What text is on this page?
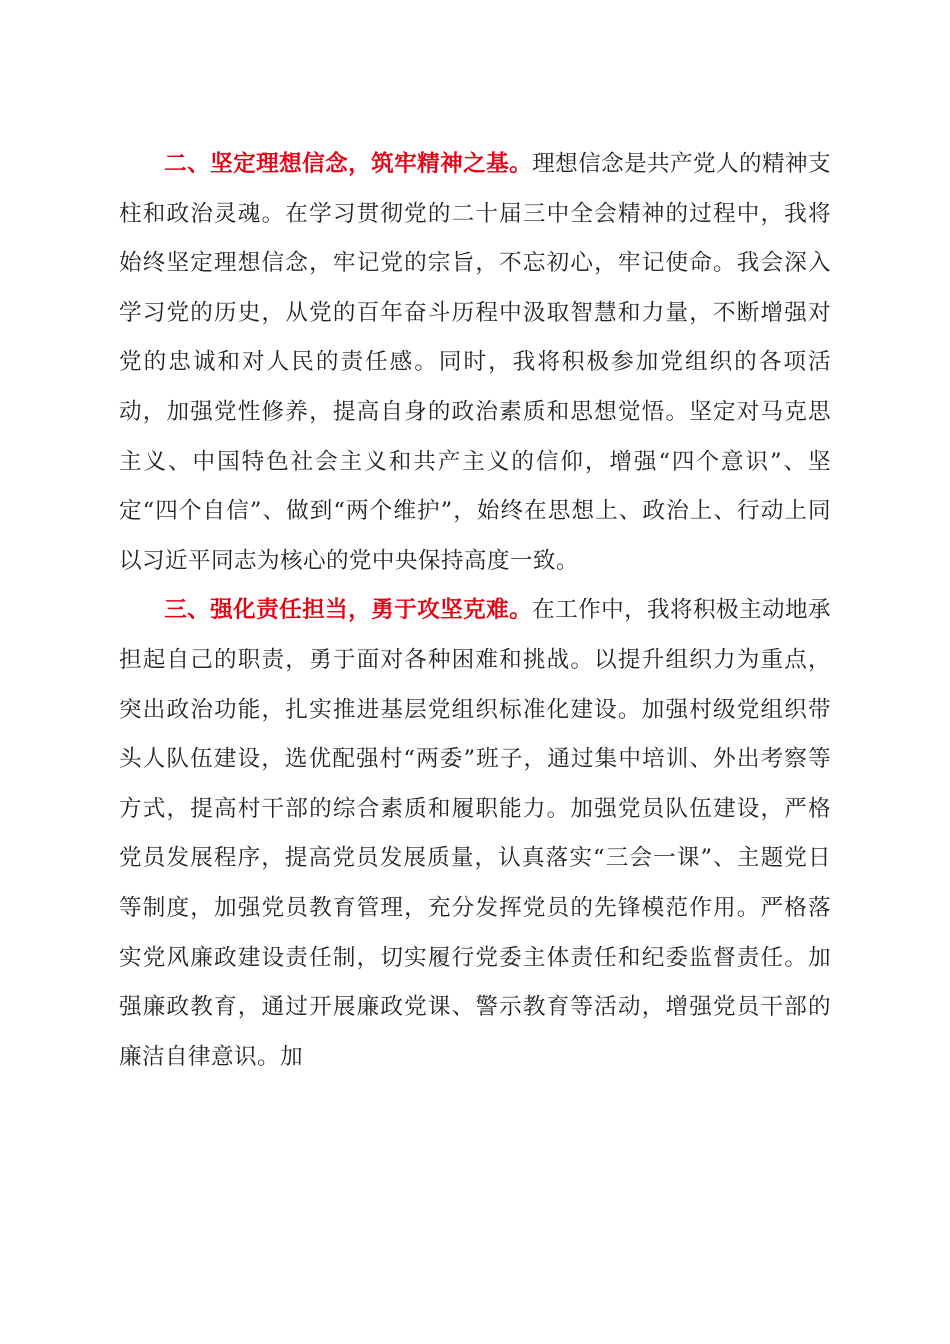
二、坚定理想信念，筑牢精神之基。理想信念是共产党人的精神支柱和政治灵魂。在学习贯彻党的二十届三中全会精神的过程中，我将始终坚定理想信念，牢记党的宗旨，不忘初心，牢记使命。我会深入学习党的历史，从党的百年奋斗历程中汲取智慧和力量，不断增强对党的忠诚和对人民的责任感。同时，我将积极参加党组织的各项活动，加强党性修养，提高自身的政治素质和思想觉悟。坚定对马克思主义、中国特色社会主义和共产主义的信仰，增强“四个意识”、坚定“四个自信”、做到“两个维护”，始终在思想上、政治上、行动上同以习近平同志为核心的党中央保持高度一致。

三、强化责任担当，勇于攻坚克难。在工作中，我将积极主动地承担起自己的职责，勇于面对各种困难和挑战。以提升组织力为重点，突出政治功能，扎实推进基层党组织标准化建设。加强村级党组织带头人队伍建设，选优配强村“两委”班子，通过集中培训、外出考察等方式，提高村干部的综合素质和履职能力。加强党员队伍建设，严格党员发展程序，提高党员发展质量，认真落实“三会一课”、主题党日等制度，加强党员教育管理，充分发挥党员的先锋模范作用。严格落实党风廉政建设责任制，切实履行党委主体责任和纪委监督责任。加强廉政教育，通过开展廉政党课、警示教育等活动，增强党员干部的廉洁自律意识。加
